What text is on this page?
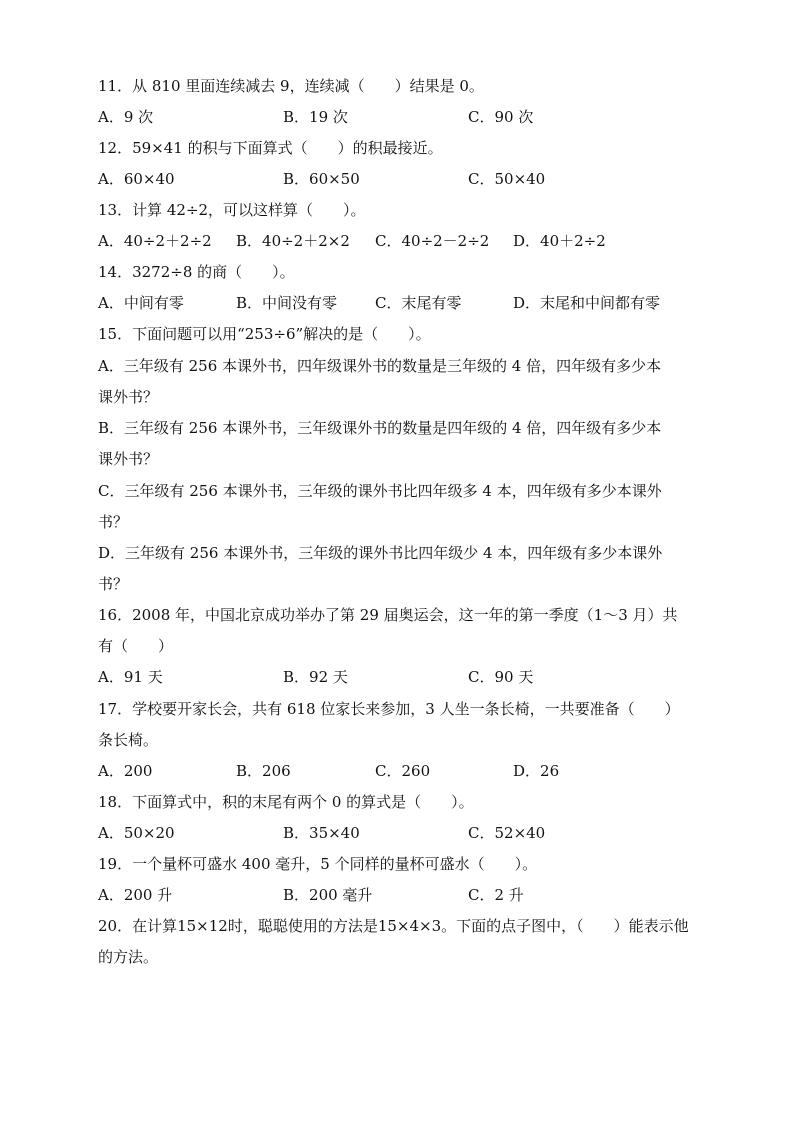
11．从 810 里面连续减去 9，连续减（　　）结果是 0。
A．9 次	B．19 次	C．90 次
12．59×41 的积与下面算式（　　）的积最接近。
A．60×40	B．60×50	C．50×40
13．计算 42÷2，可以这样算（　　）。
A．40÷2＋2÷2 B．40÷2＋2×2 C．40÷2－2÷2 D．40＋2÷2
14．3272÷8 的商（　　）。
A．中间有零	B．中间没有零	C．末尾有零	D．末尾和中间都有零
15．下面问题可以用“253÷6”解决的是（　　）。
A．三年级有 256 本课外书，四年级课外书的数量是三年级的 4 倍，四年级有多少本
课外书？
B．三年级有 256 本课外书，三年级课外书的数量是四年级的 4 倍，四年级有多少本
课外书？
C．三年级有 256 本课外书，三年级的课外书比四年级多 4 本，四年级有多少本课外
书？
D．三年级有 256 本课外书，三年级的课外书比四年级少 4 本，四年级有多少本课外
书？
16．2008 年，中国北京成功举办了第 29 届奥运会，这一年的第一季度（1～3 月）共
有（　　）
A．91 天	B．92 天	C．90 天
17．学校要开家长会，共有 618 位家长来参加，3 人坐一条长椅，一共要准备（　　）
条长椅。
A．200	B．206	C．260	D．26
18．下面算式中，积的末尾有两个 0 的算式是（　　）。
A．50×20	B．35×40	C．52×40
19．一个量杯可盛水 400 毫升，5 个同样的量杯可盛水（　　）。
A．200 升	B．200 毫升	C．2 升
20．在计算15×12时，聪聪使用的方法是15×4×3。下面的点子图中，（　　）能表示他
的方法。
